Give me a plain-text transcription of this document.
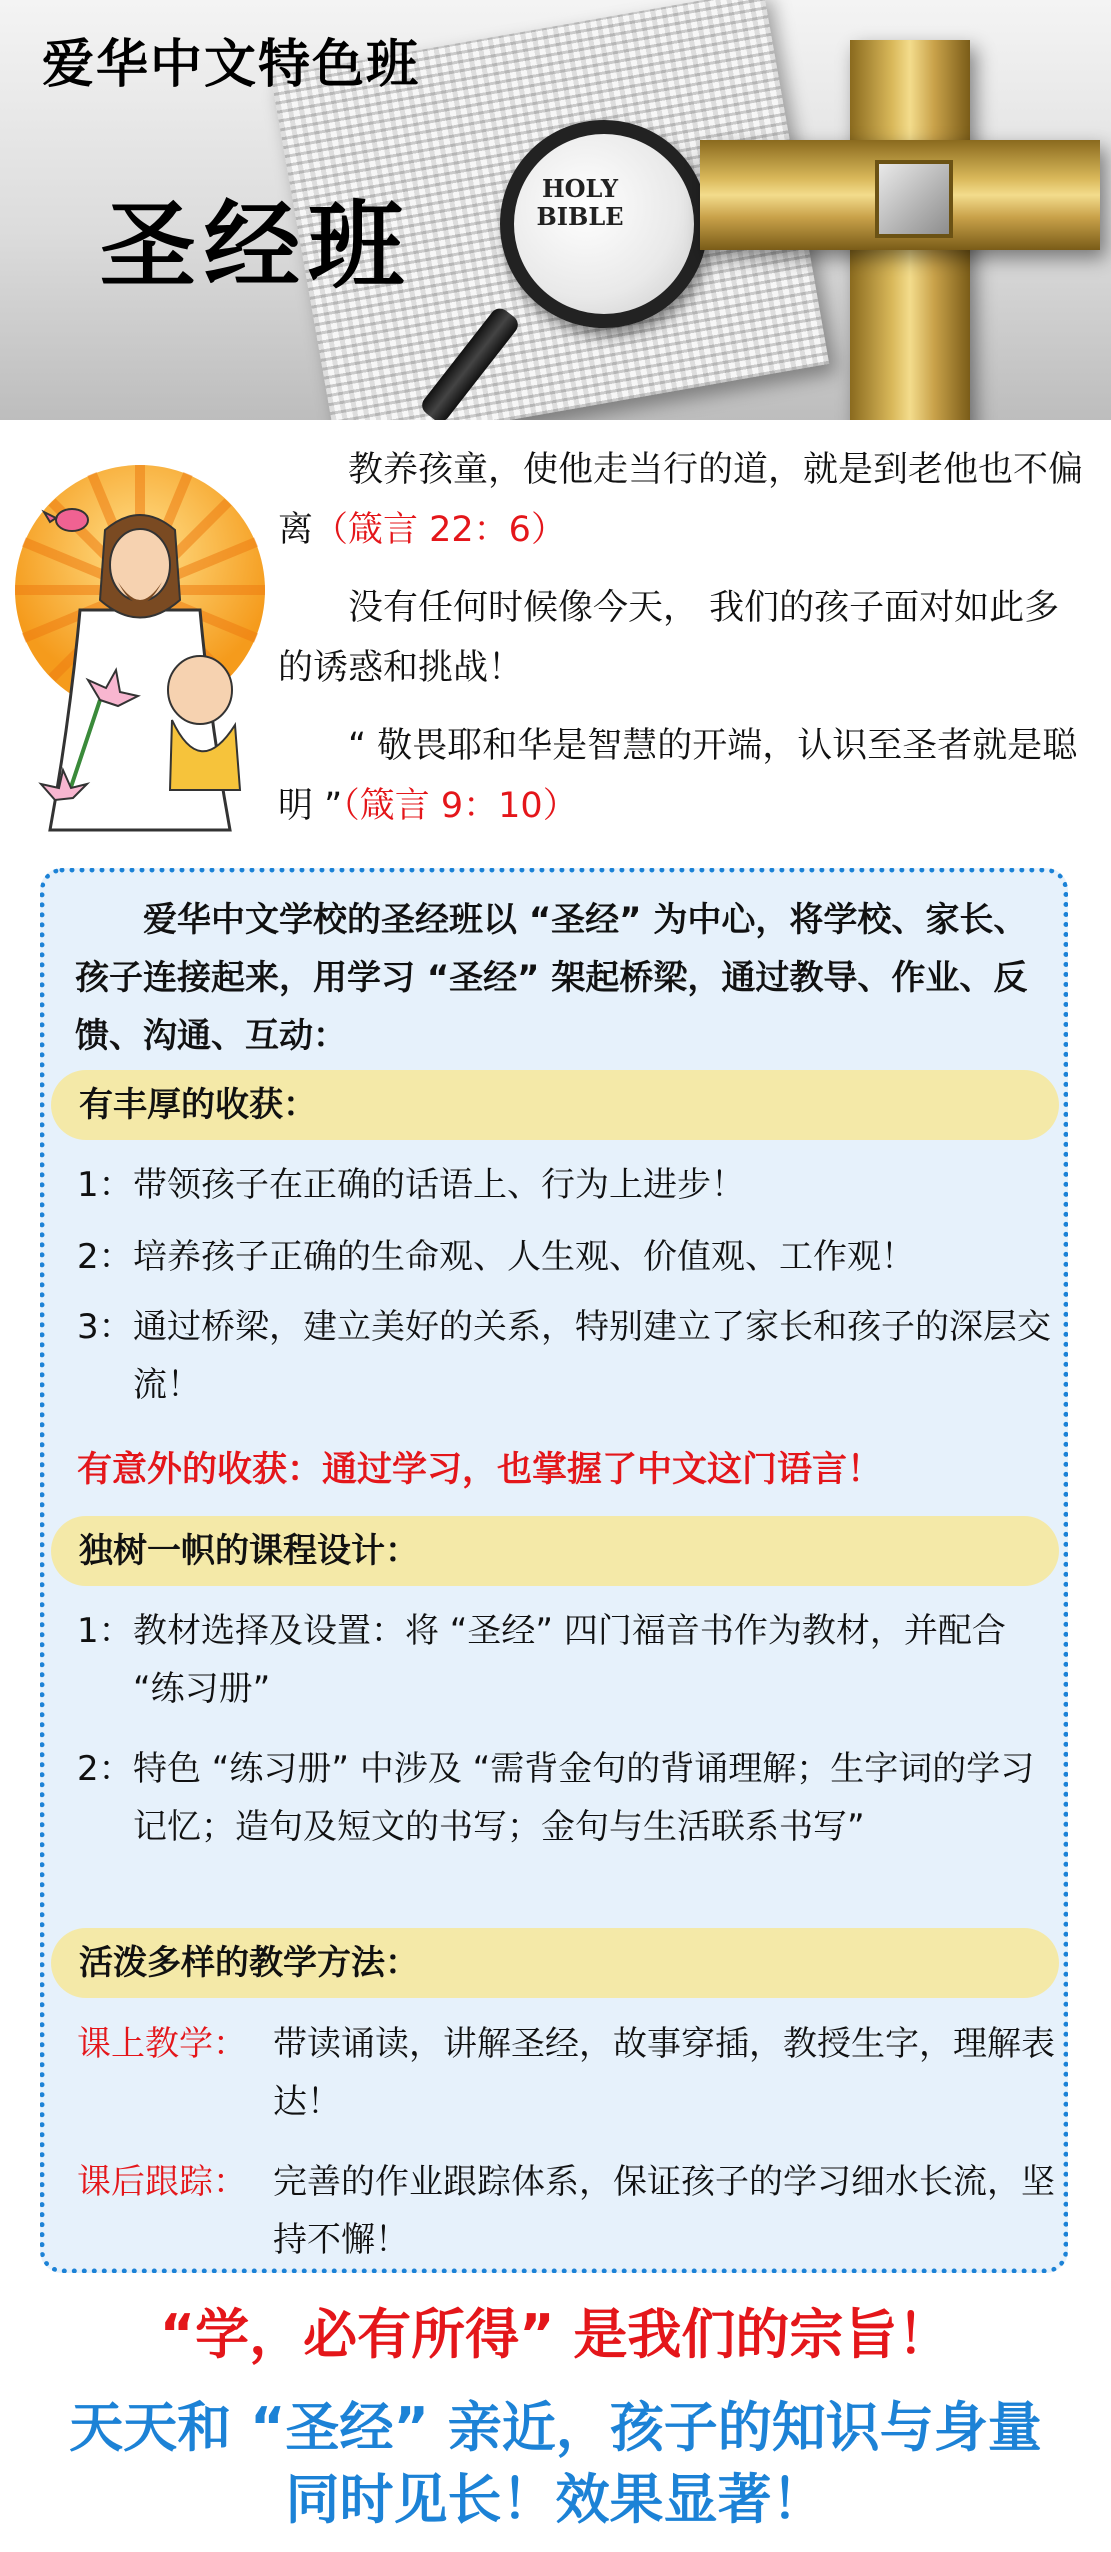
HOLY BIBLE
爱华中文特色班
圣经班

教养孩童，使他走当行的道，就是到老他也不偏离（箴言 22：6）

没有任何时候像今天， 我们的孩子面对如此多的诱惑和挑战！

“ 敬畏耶和华是智慧的开端，认识至圣者就是聪明 ”（箴言 9：10）

爱华中文学校的圣经班以 “圣经” 为中心，将学校、家长、孩子连接起来，用学习 “圣经” 架起桥梁，通过教导、作业、反馈、沟通、互动：
有丰厚的收获：
1： 带领孩子在正确的话语上、行为上进步！
2： 培养孩子正确的生命观、人生观、价值观、工作观！
3： 通过桥梁，建立美好的关系，特别建立了家长和孩子的深层交流！
有意外的收获：通过学习，也掌握了中文这门语言！
独树一帜的课程设计：
1： 教材选择及设置：将 “圣经” 四门福音书作为教材，并配合 “练习册”
2： 特色 “练习册” 中涉及 “需背金句的背诵理解；生字词的学习记忆；造句及短文的书写；金句与生活联系书写”
活泼多样的教学方法：
课上教学： 带读诵读，讲解圣经，故事穿插，教授生字，理解表达！
课后跟踪： 完善的作业跟踪体系，保证孩子的学习细水长流，坚持不懈！
“学，必有所得” 是我们的宗旨！
天天和 “圣经” 亲近，孩子的知识与身量
同时见长！效果显著！
